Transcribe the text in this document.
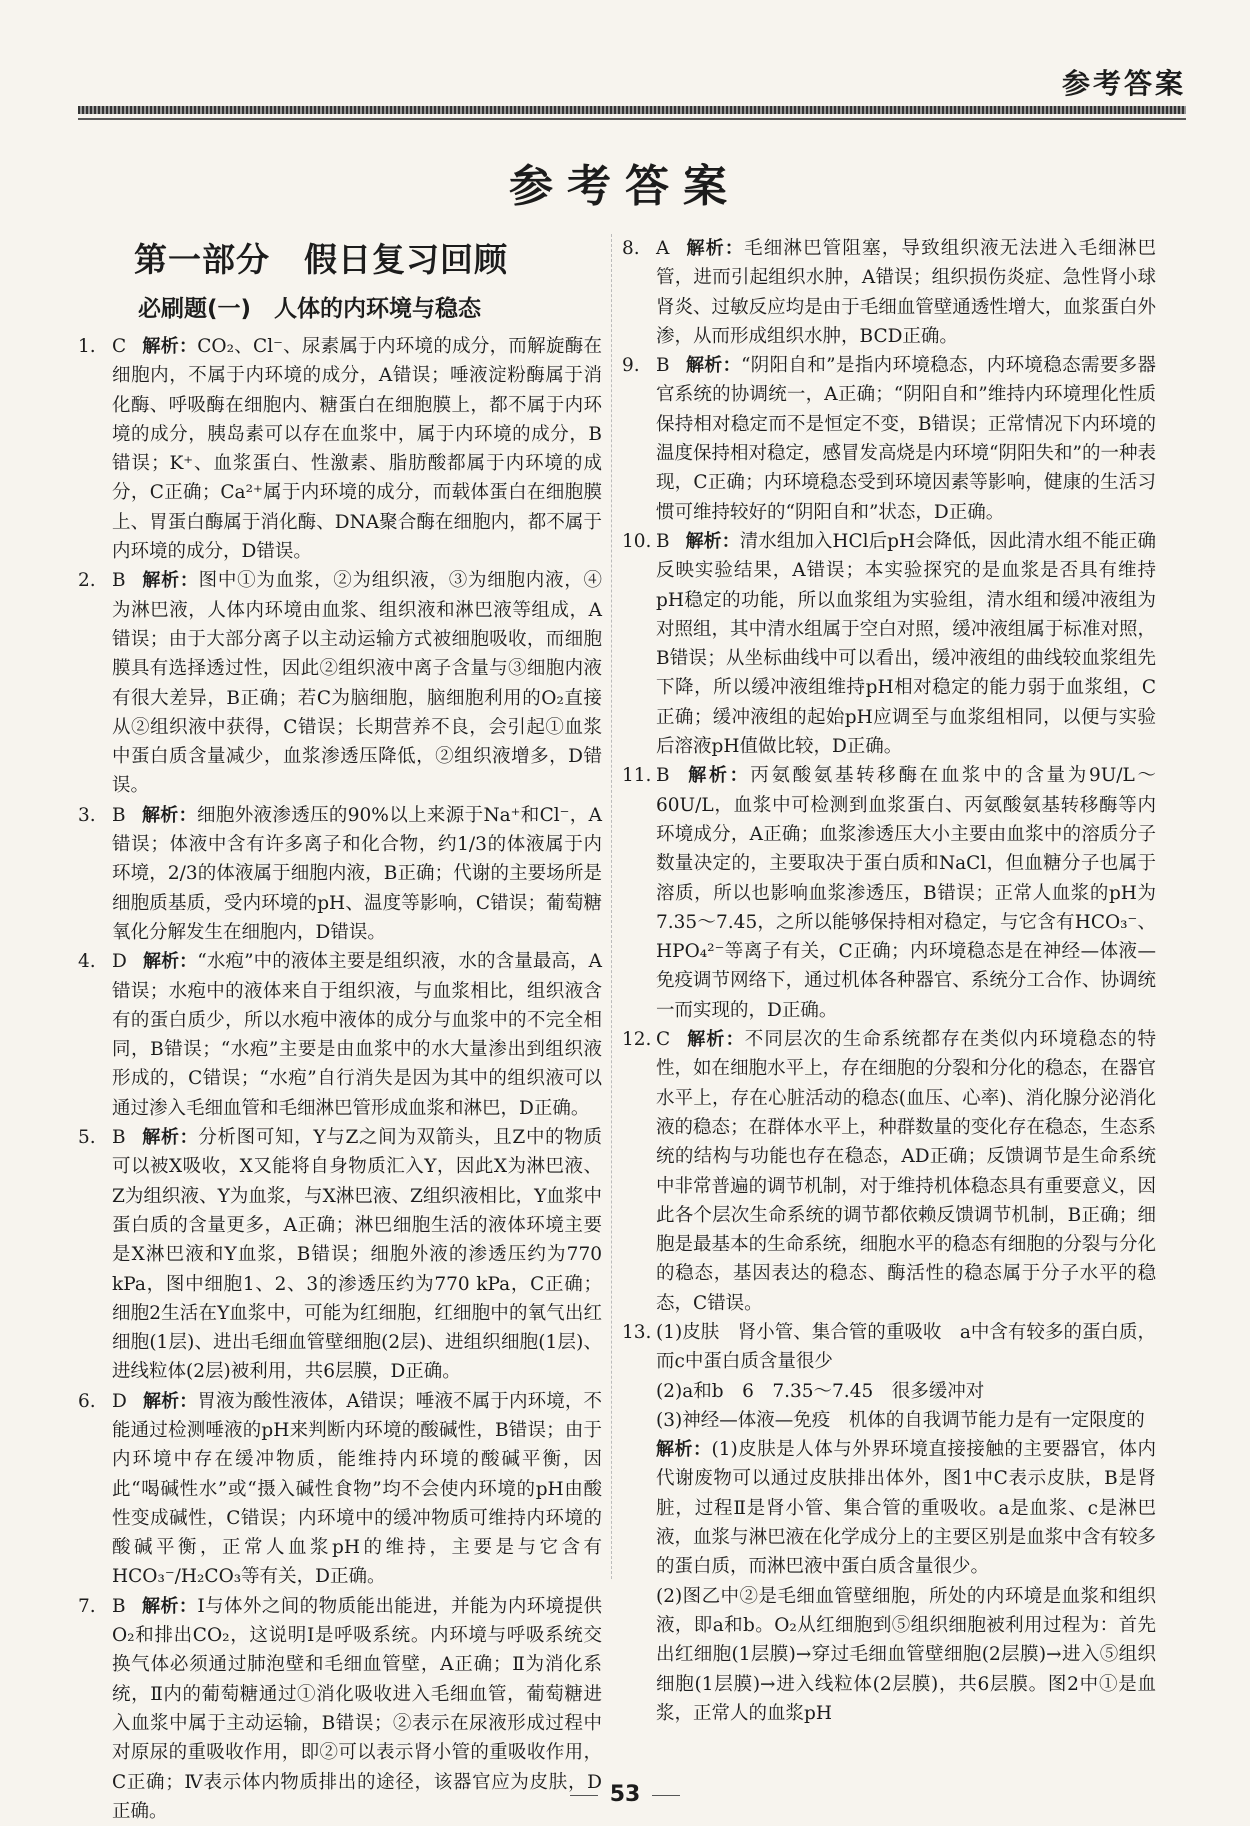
参考答案
参考答案
第一部分　假日复习回顾
必刷题(一)　人体的内环境与稳态

1. C 解析：CO₂、Cl⁻、尿素属于内环境的成分，而解旋酶在细胞内，不属于内环境的成分，A错误；唾液淀粉酶属于消化酶、呼吸酶在细胞内、糖蛋白在细胞膜上，都不属于内环境的成分，胰岛素可以存在血浆中，属于内环境的成分，B错误；K⁺、血浆蛋白、性激素、脂肪酸都属于内环境的成分，C正确；Ca²⁺属于内环境的成分，而载体蛋白在细胞膜上、胃蛋白酶属于消化酶、DNA聚合酶在细胞内，都不属于内环境的成分，D错误。

2. B 解析：图中①为血浆，②为组织液，③为细胞内液，④为淋巴液，人体内环境由血浆、组织液和淋巴液等组成，A错误；由于大部分离子以主动运输方式被细胞吸收，而细胞膜具有选择透过性，因此②组织液中离子含量与③细胞内液有很大差异，B正确；若C为脑细胞，脑细胞利用的O₂直接从②组织液中获得，C错误；长期营养不良，会引起①血浆中蛋白质含量减少，血浆渗透压降低，②组织液增多，D错误。

3. B 解析：细胞外液渗透压的90%以上来源于Na⁺和Cl⁻，A错误；体液中含有许多离子和化合物，约1/3的体液属于内环境，2/3的体液属于细胞内液，B正确；代谢的主要场所是细胞质基质，受内环境的pH、温度等影响，C错误；葡萄糖氧化分解发生在细胞内，D错误。

4. D 解析：“水疱”中的液体主要是组织液，水的含量最高，A错误；水疱中的液体来自于组织液，与血浆相比，组织液含有的蛋白质少，所以水疱中液体的成分与血浆中的不完全相同，B错误；“水疱”主要是由血浆中的水大量渗出到组织液形成的，C错误；“水疱”自行消失是因为其中的组织液可以通过渗入毛细血管和毛细淋巴管形成血浆和淋巴，D正确。

5. B 解析：分析图可知，Y与Z之间为双箭头，且Z中的物质可以被X吸收，X又能将自身物质汇入Y，因此X为淋巴液、Z为组织液、Y为血浆，与X淋巴液、Z组织液相比，Y血浆中蛋白质的含量更多，A正确；淋巴细胞生活的液体环境主要是X淋巴液和Y血浆，B错误；细胞外液的渗透压约为770 kPa，图中细胞1、2、3的渗透压约为770 kPa，C正确；细胞2生活在Y血浆中，可能为红细胞，红细胞中的氧气出红细胞(1层)、进出毛细血管壁细胞(2层)、进组织细胞(1层)、进线粒体(2层)被利用，共6层膜，D正确。

6. D 解析：胃液为酸性液体，A错误；唾液不属于内环境，不能通过检测唾液的pH来判断内环境的酸碱性，B错误；由于内环境中存在缓冲物质，能维持内环境的酸碱平衡，因此“喝碱性水”或“摄入碱性食物”均不会使内环境的pH由酸性变成碱性，C错误；内环境中的缓冲物质可维持内环境的酸碱平衡，正常人血浆pH的维持，主要是与它含有HCO₃⁻/H₂CO₃等有关，D正确。

7. B 解析：Ⅰ与体外之间的物质能出能进，并能为内环境提供O₂和排出CO₂，这说明Ⅰ是呼吸系统。内环境与呼吸系统交换气体必须通过肺泡壁和毛细血管壁，A正确；Ⅱ为消化系统，Ⅱ内的葡萄糖通过①消化吸收进入毛细血管，葡萄糖进入血浆中属于主动运输，B错误；②表示在尿液形成过程中对原尿的重吸收作用，即②可以表示肾小管的重吸收作用，C正确；Ⅳ表示体内物质排出的途径，该器官应为皮肤，D正确。

8. A 解析：毛细淋巴管阻塞，导致组织液无法进入毛细淋巴管，进而引起组织水肿，A错误；组织损伤炎症、急性肾小球肾炎、过敏反应均是由于毛细血管壁通透性增大，血浆蛋白外渗，从而形成组织水肿，BCD正确。

9. B 解析：“阴阳自和”是指内环境稳态，内环境稳态需要多器官系统的协调统一，A正确；“阴阳自和”维持内环境理化性质保持相对稳定而不是恒定不变，B错误；正常情况下内环境的温度保持相对稳定，感冒发高烧是内环境“阴阳失和”的一种表现，C正确；内环境稳态受到环境因素等影响，健康的生活习惯可维持较好的“阴阳自和”状态，D正确。

10. B 解析：清水组加入HCl后pH会降低，因此清水组不能正确反映实验结果，A错误；本实验探究的是血浆是否具有维持pH稳定的功能，所以血浆组为实验组，清水组和缓冲液组为对照组，其中清水组属于空白对照，缓冲液组属于标准对照，B错误；从坐标曲线中可以看出，缓冲液组的曲线较血浆组先下降，所以缓冲液组维持pH相对稳定的能力弱于血浆组，C正确；缓冲液组的起始pH应调至与血浆组相同，以便与实验后溶液pH值做比较，D正确。

11. B 解析：丙氨酸氨基转移酶在血浆中的含量为9U/L～60U/L，血浆中可检测到血浆蛋白、丙氨酸氨基转移酶等内环境成分，A正确；血浆渗透压大小主要由血浆中的溶质分子数量决定的，主要取决于蛋白质和NaCl，但血糖分子也属于溶质，所以也影响血浆渗透压，B错误；正常人血浆的pH为7.35～7.45，之所以能够保持相对稳定，与它含有HCO₃⁻、HPO₄²⁻等离子有关，C正确；内环境稳态是在神经—体液—免疫调节网络下，通过机体各种器官、系统分工合作、协调统一而实现的，D正确。

12. C 解析：不同层次的生命系统都存在类似内环境稳态的特性，如在细胞水平上，存在细胞的分裂和分化的稳态，在器官水平上，存在心脏活动的稳态(血压、心率)、消化腺分泌消化液的稳态；在群体水平上，种群数量的变化存在稳态，生态系统的结构与功能也存在稳态，AD正确；反馈调节是生命系统中非常普遍的调节机制，对于维持机体稳态具有重要意义，因此各个层次生命系统的调节都依赖反馈调节机制，B正确；细胞是最基本的生命系统，细胞水平的稳态有细胞的分裂与分化的稳态，基因表达的稳态、酶活性的稳态属于分子水平的稳态，C错误。

13. (1)皮肤　肾小管、集合管的重吸收　a中含有较多的蛋白质，而c中蛋白质含量很少

(2)a和b　6　7.35～7.45　很多缓冲对

(3)神经—体液—免疫　机体的自我调节能力是有一定限度的

解析：(1)皮肤是人体与外界环境直接接触的主要器官，体内代谢废物可以通过皮肤排出体外，图1中C表示皮肤，B是肾脏，过程Ⅱ是肾小管、集合管的重吸收。a是血浆、c是淋巴液，血浆与淋巴液在化学成分上的主要区别是血浆中含有较多的蛋白质，而淋巴液中蛋白质含量很少。

(2)图乙中②是毛细血管壁细胞，所处的内环境是血浆和组织液，即a和b。O₂从红细胞到⑤组织细胞被利用过程为：首先出红细胞(1层膜)→穿过毛细血管壁细胞(2层膜)→进入⑤组织细胞(1层膜)→进入线粒体(2层膜)，共6层膜。图2中①是血浆，正常人的血浆pH

53
